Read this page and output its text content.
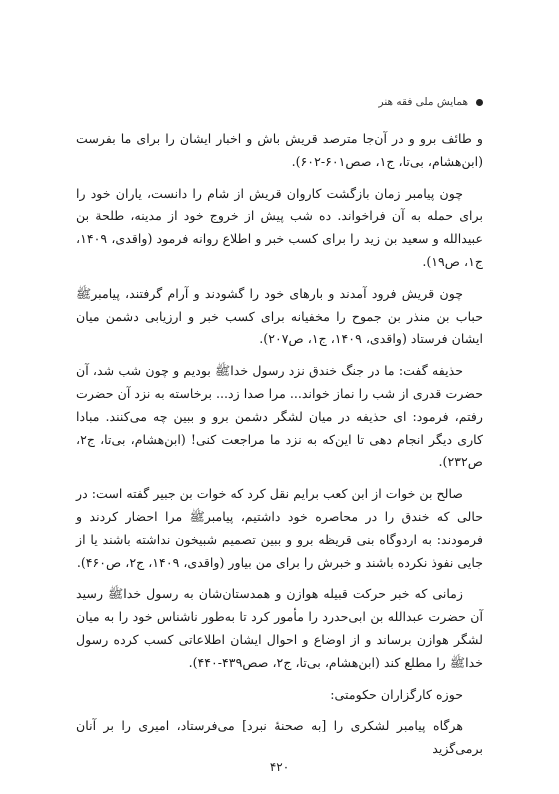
همایش ملی فقه هنر

و طائف برو و در آن‌جا مترصد قریش باش و اخبار ایشان را برای ما بفرست (ابن‌هشام، بی‌تا، ج۱، صص۶۰۱-۶۰۲).

چون پیامبر زمان بازگشت کاروان قریش از شام را دانست، یاران خود را برای حمله به آن فراخواند. ده شب پیش از خروج خود از مدینه، طلحة بن عبیدالله و سعید بن زید را برای کسب خبر و اطلاع روانه فرمود (واقدی، ۱۴۰۹، ج۱، ص۱۹).

چون قریش فرود آمدند و بارهای خود را گشودند و آرام گرفتند، پیامبرﷺ حباب بن منذر بن جموح را مخفیانه برای کسب خبر و ارزیابی دشمن میان ایشان فرستاد (واقدی، ۱۴۰۹، ج۱، ص۲۰۷).

حذیفه گفت: ما در جنگ خندق نزد رسول خداﷺ بودیم و چون شب شد، آن حضرت قدری از شب را نماز خواند... مرا صدا زد... برخاسته به نزد آن حضرت رفتم، فرمود: ای حذیفه در میان لشگر دشمن برو و ببین چه می‌کنند. مبادا کاری دیگر انجام دهی تا این‌که به نزد ما مراجعت کنی! (ابن‌هشام، بی‌تا، ج۲، ص۲۳۲).

صالح بن خوات از ابن کعب برایم نقل کرد که خوات بن جبیر گفته است: در حالی که خندق را در محاصره خود داشتیم، پیامبرﷺ مرا احضار کردند و فرمودند: به اردوگاه بنی قریظه برو و ببین تصمیم شبیخون نداشته باشند یا از جایی نفوذ نکرده باشند و خبرش را برای من بیاور (واقدی، ۱۴۰۹، ج۲، ص۴۶۰).

زمانی که خبر حرکت قبیله هوازن و همدستان‌شان به رسول خداﷺ رسید آن حضرت عبدالله بن ابی‌حدرد را مأمور کرد تا به‌طور ناشناس خود را به میان لشگر هوازن برساند و از اوضاع و احوال ایشان اطلاعاتی کسب کرده رسول خداﷺ را مطلع کند (ابن‌هشام، بی‌تا، ج۲، صص۴۳۹-۴۴۰).

حوزه کارگزاران حکومتی:

هرگاه پیامبر لشکری را [به صحنهٔ نبرد] می‌فرستاد، امیری را بر آنان برمی‌گزید

۴۲۰
